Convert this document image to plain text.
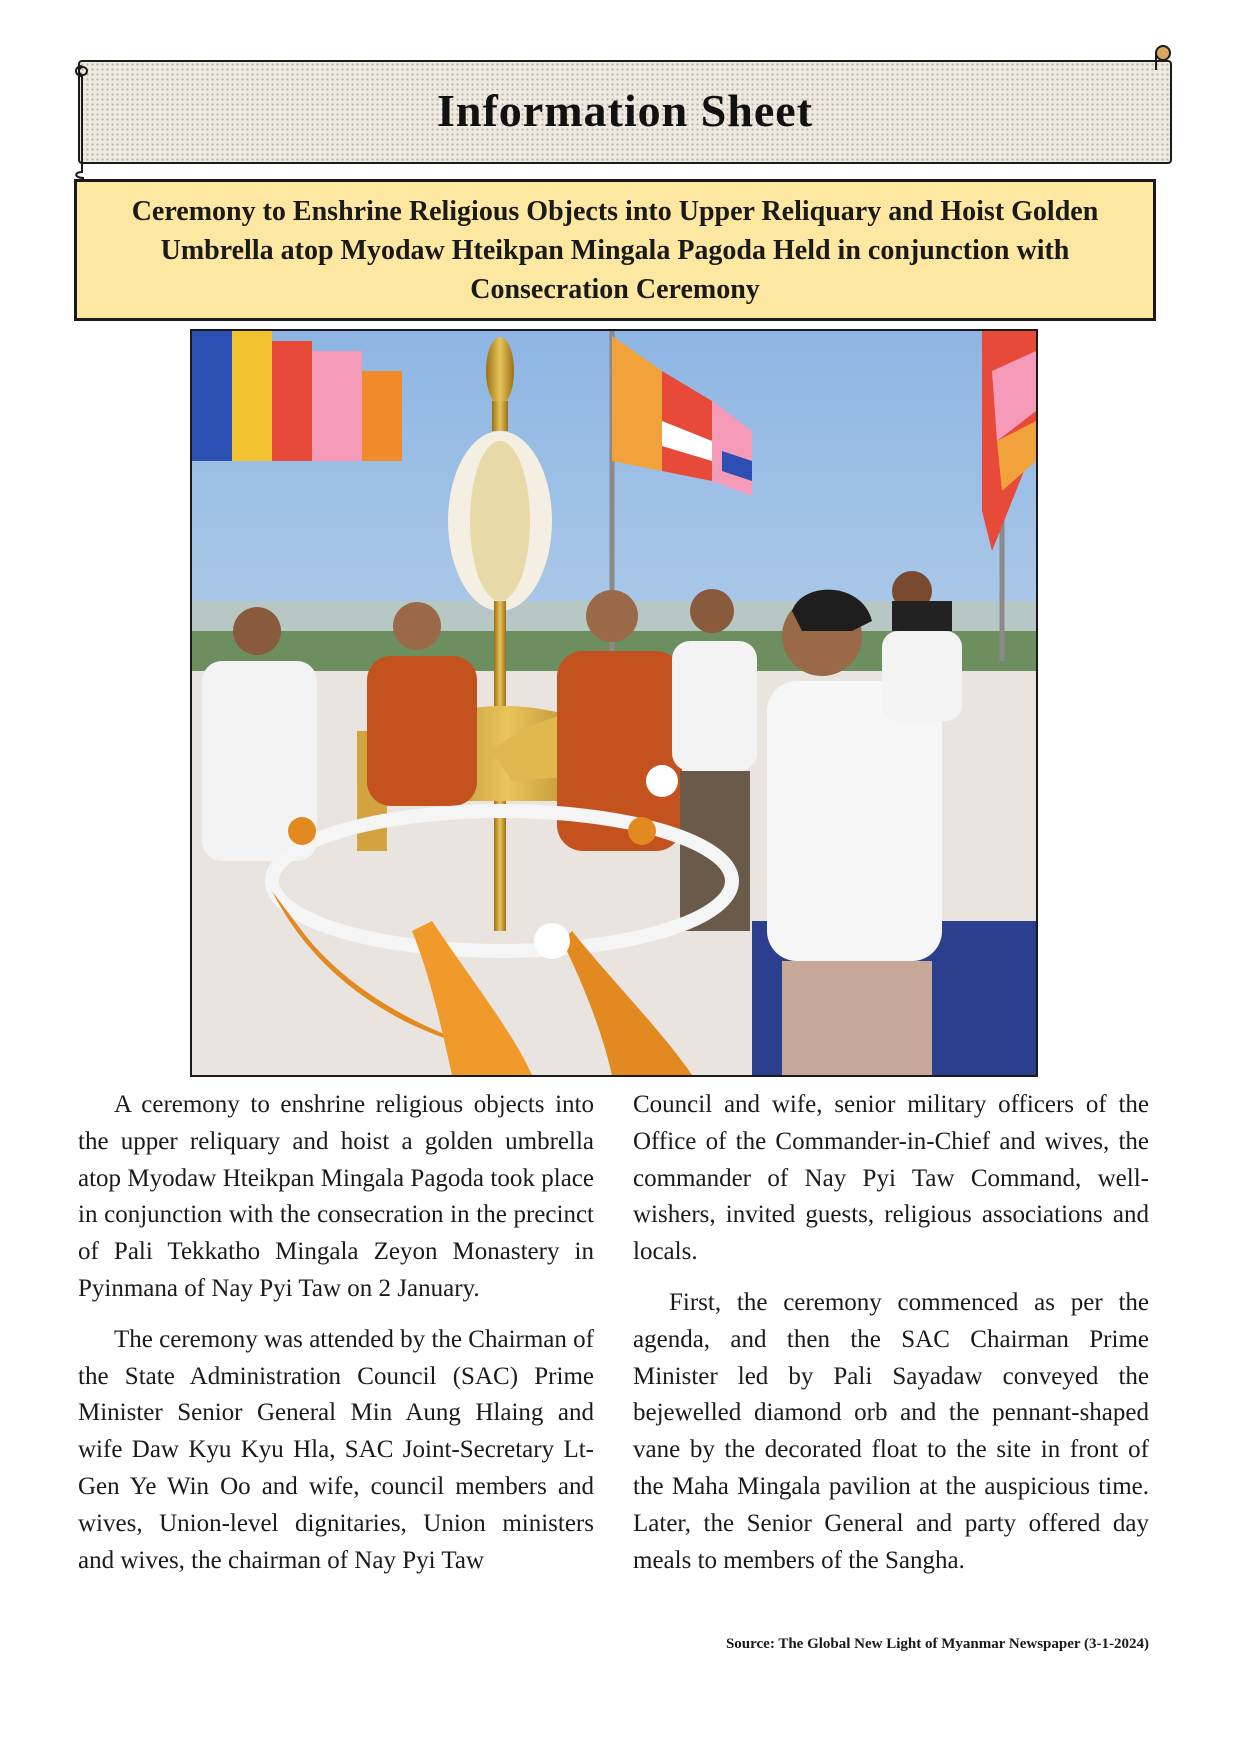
Information Sheet
Ceremony to Enshrine Religious Objects into Upper Reliquary and Hoist Golden Umbrella atop Myodaw Hteikpan Mingala Pagoda Held in conjunction with Consecration Ceremony

A ceremony to enshrine religious objects into the upper reliquary and hoist a golden umbrella atop Myodaw Hteikpan Mingala Pagoda took place in conjunction with the consecration in the precinct of Pali Tekkatho Mingala Zeyon Monastery in Pyinmana of Nay Pyi Taw on 2 January.

The ceremony was attended by the Chairman of the State Administration Council (SAC) Prime Minister Senior General Min Aung Hlaing and wife Daw Kyu Kyu Hla, SAC Joint-Secretary Lt-Gen Ye Win Oo and wife, council members and wives, Union-level dignitaries, Union ministers and wives, the chairman of Nay Pyi Taw

Council and wife, senior military officers of the Office of the Commander-in-Chief and wives, the commander of Nay Pyi Taw Command, well-wishers, invited guests, religious associations and locals.

First, the ceremony commenced as per the agenda, and then the SAC Chairman Prime Minister led by Pali Sayadaw conveyed the bejewelled diamond orb and the pennant-shaped vane by the decorated float to the site in front of the Maha Mingala pavilion at the auspicious time. Later, the Senior General and party offered day meals to members of the Sangha.

Source: The Global New Light of Myanmar Newspaper (3-1-2024)
